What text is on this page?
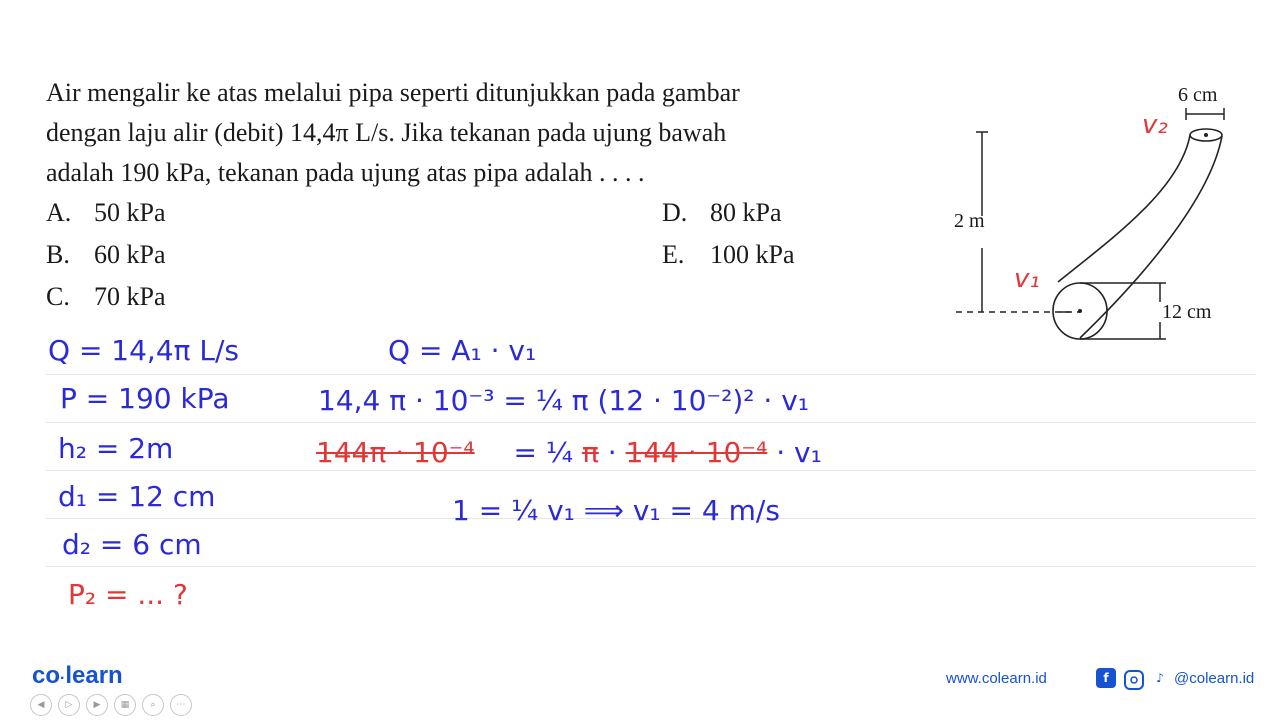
Air mengalir ke atas melalui pipa seperti ditunjukkan pada gambar
dengan laju alir (debit) 14,4π L/s. Jika tekanan pada ujung bawah
adalah 190 kPa, tekanan pada ujung atas pipa adalah . . . .
A. 50 kPa
B. 60 kPa
C. 70 kPa
D. 80 kPa
E. 100 kPa
6 cm
2 m
12 cm
v₂
v₁
Q = 14,4π L/s
P = 190 kPa
h₂ = 2m
d₁ = 12 cm
d₂ = 6 cm
P₂ = ... ?
Q = A₁ · v₁
14,4 π · 10⁻³ = ¼ π (12 · 10⁻²)² · v₁
144π · 10⁻⁴ = ¼ π · 144 · 10⁻⁴ · v₁
1 = ¼ v₁ ⟹ v₁ = 4 m/s
co·learn
◀	▷	▶	▦	⌕	⋯
www.colearn.id	f	♪ @colearn.id
